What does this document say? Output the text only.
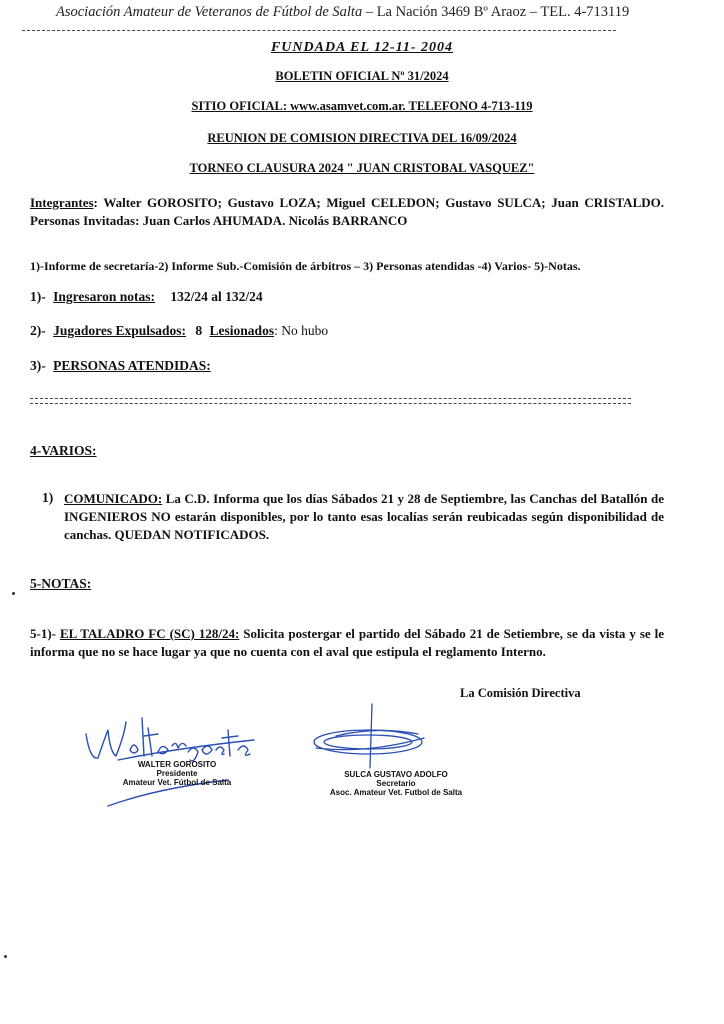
Asociación Amateur de Veteranos de Fútbol de Salta – La Nación 3469 Bº Araoz – TEL. 4-713119
FUNDADA EL 12-11- 2004
BOLETIN OFICIAL Nº 31/2024
SITIO OFICIAL: www.asamvet.com.ar. TELEFONO 4-713-119
REUNION DE COMISION DIRECTIVA DEL 16/09/2024
TORNEO CLAUSURA 2024 " JUAN CRISTOBAL VASQUEZ"
Integrantes: Walter GOROSITO; Gustavo LOZA; Miguel CELEDON; Gustavo SULCA; Juan CRISTALDO. Personas Invitadas: Juan Carlos AHUMADA. Nicolás BARRANCO
1)-Informe de secretaría-2) Informe Sub.-Comisión de árbitros – 3) Personas atendidas -4) Varios- 5)-Notas.
1)- Ingresaron notas: 132/24 al 132/24
2)- Jugadores Expulsados: 8 Lesionados: No hubo
3)- PERSONAS ATENDIDAS:
4-VARIOS:
1) COMUNICADO: La C.D. Informa que los días Sábados 21 y 28 de Septiembre, las Canchas del Batallón de INGENIEROS NO estarán disponibles, por lo tanto esas localías serán reubicadas según disponibilidad de canchas. QUEDAN NOTIFICADOS.
5-NOTAS:
5-1)- EL TALADRO FC (SC) 128/24: Solicita postergar el partido del Sábado 21 de Setiembre, se da vista y se le informa que no se hace lugar ya que no cuenta con el aval que estipula el reglamento Interno.
La Comisión Directiva
WALTER GOROSITO
Presidente
Amateur Vet. Fútbol de Salta
SULCA GUSTAVO ADOLFO
Secretario
Asoc. Amateur Vet. Futbol de Salta
